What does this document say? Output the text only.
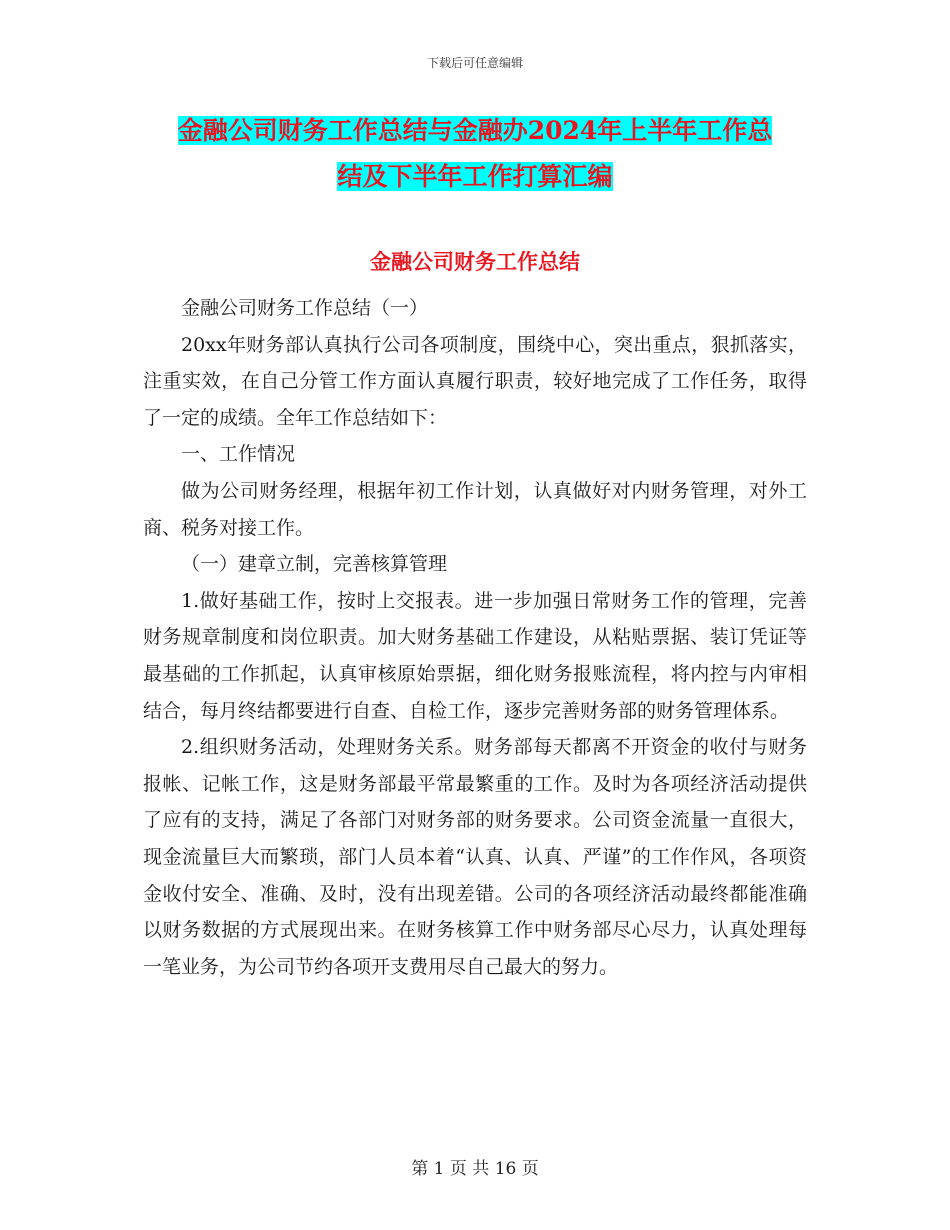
下载后可任意编辑
金融公司财务工作总结与金融办2024年上半年工作总
结及下半年工作打算汇编
金融公司财务工作总结

金融公司财务工作总结（一）

20xx年财务部认真执行公司各项制度，围绕中心，突出重点，狠抓落实，注重实效，在自己分管工作方面认真履行职责，较好地完成了工作任务，取得了一定的成绩。全年工作总结如下：

一、工作情况

做为公司财务经理，根据年初工作计划，认真做好对内财务管理，对外工商、税务对接工作。

（一）建章立制，完善核算管理

1.做好基础工作，按时上交报表。进一步加强日常财务工作的管理，完善财务规章制度和岗位职责。加大财务基础工作建设，从粘贴票据、装订凭证等最基础的工作抓起，认真审核原始票据，细化财务报账流程，将内控与内审相结合，每月终结都要进行自查、自检工作，逐步完善财务部的财务管理体系。

2.组织财务活动，处理财务关系。财务部每天都离不开资金的收付与财务报帐、记帐工作，这是财务部最平常最繁重的工作。及时为各项经济活动提供了应有的支持，满足了各部门对财务部的财务要求。公司资金流量一直很大，现金流量巨大而繁琐，部门人员本着“认真、认真、严谨”的工作作风，各项资金收付安全、准确、及时，没有出现差错。公司的各项经济活动最终都能准确以财务数据的方式展现出来。在财务核算工作中财务部尽心尽力，认真处理每一笔业务，为公司节约各项开支费用尽自己最大的努力。

第 1 页 共 16 页
